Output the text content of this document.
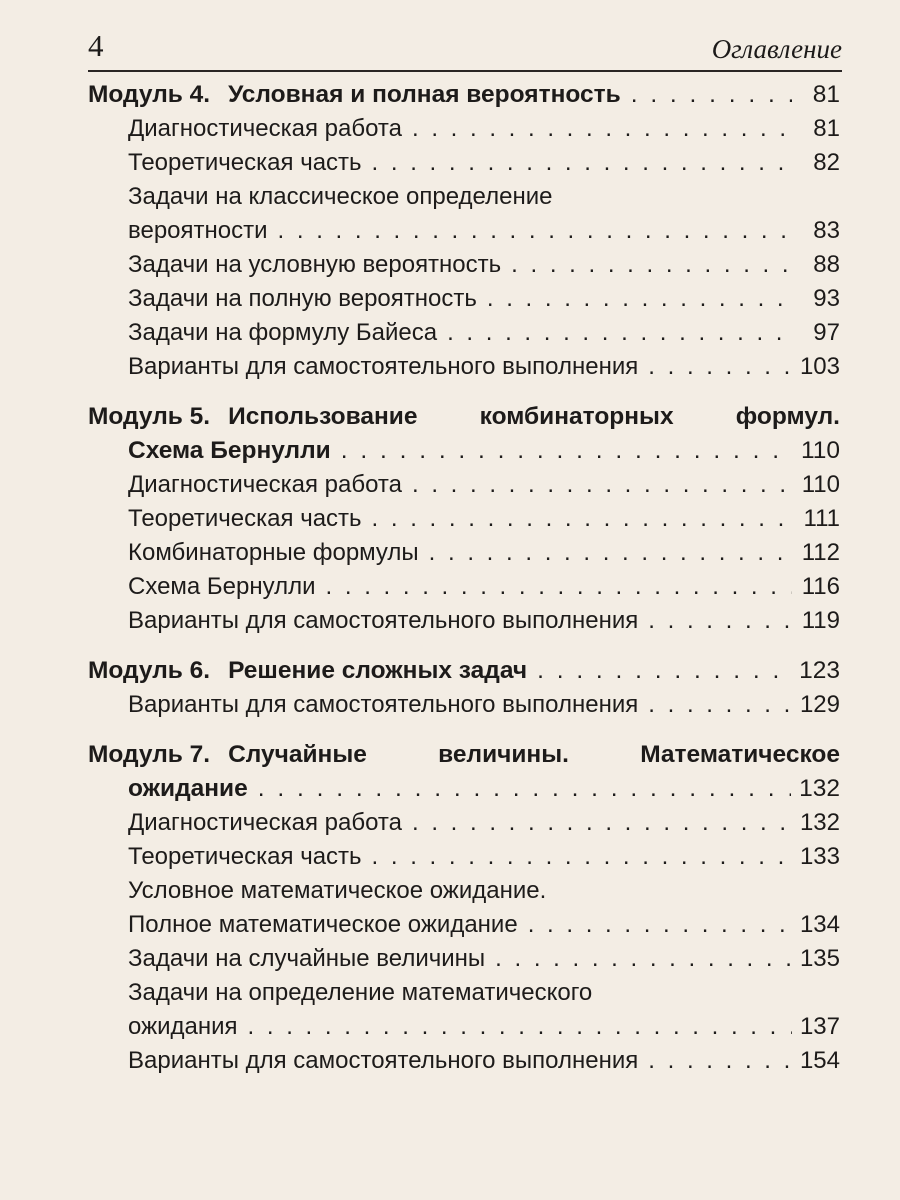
4	Оглавление
Модуль 4. Условная и полная вероятность . . .	81
Диагностическая работа . . .	81
Теоретическая часть . . .	82
Задачи на классическое определение
вероятности . . .	83
Задачи на условную вероятность . . .	88
Задачи на полную вероятность . . .	93
Задачи на формулу Байеса . . .	97
Варианты для самостоятельного выполнения . . .	103
Модуль 5. Использование	комбинаторных	формул.
Схема Бернулли . . .	110
Диагностическая работа . . .	110
Теоретическая часть . . .	111
Комбинаторные формулы . . .	112
Схема Бернулли . . .	116
Варианты для самостоятельного выполнения . . .	119
Модуль 6. Решение сложных задач . . .	123
Варианты для самостоятельного выполнения . . .	129
Модуль 7. Случайные	величины.	Математическое
ожидание . . .	132
Диагностическая работа . . .	132
Теоретическая часть . . .	133
Условное математическое ожидание.
Полное математическое ожидание . . .	134
Задачи на случайные величины . . .	135
Задачи на определение математического
ожидания . . .	137
Варианты для самостоятельного выполнения . . .	154
